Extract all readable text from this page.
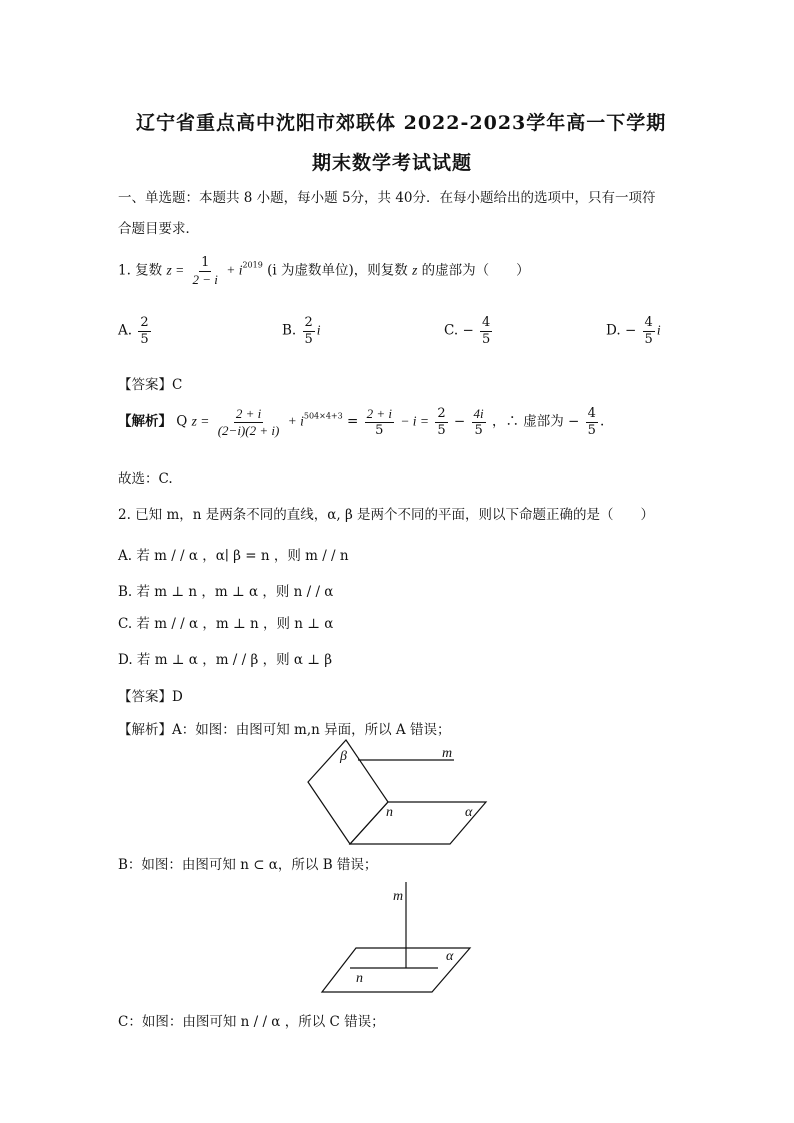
辽宁省重点高中沈阳市郊联体 2022-2023学年高一下学期
期末数学考试试题
一、单选题：本题共 8 小题，每小题 5分，共 40分．在每小题给出的选项中，只有一项符
合题目要求．
1. 复数 $z = \frac{1}{2 - i} + i^{2019}$ (i 为虚数单位)，则复数 z 的虚部为（　　）
A. $\frac{2}{5}$	B. $\frac{2}{5}$ i	C. − $\frac{4}{5}$	D. − $\frac{4}{5}$ i
【答案】C
【解析】 Q $z = \frac{2 + i}{(2-i)(2 + i)} + i^{504\times 4+3} = \frac{2 + i}{5} - i = \frac{2}{5} - \frac{4i}{5}$ ，∴ 虚部为 − $\frac{4}{5}$ .
故选：C.
2. 已知 m，n 是两条不同的直线，α, β 是两个不同的平面，则以下命题正确的是（　　）
A. 若 m / / α ，α∣ β = n ，则 m / / n
B. 若 m ⊥ n ，m ⊥ α ，则 n / / α
C. 若 m / / α ，m ⊥ n ，则 n ⊥ α
D. 若 m ⊥ α ，m / / β ，则 α ⊥ β
【答案】D
【解析】A：如图：由图可知 m,n 异面，所以 A 错误；
β	m
n	α
B：如图：由图可知 n ⊂ α，所以 B 错误；
m
n
α
C：如图：由图可知 n / / α ，所以 C 错误；
